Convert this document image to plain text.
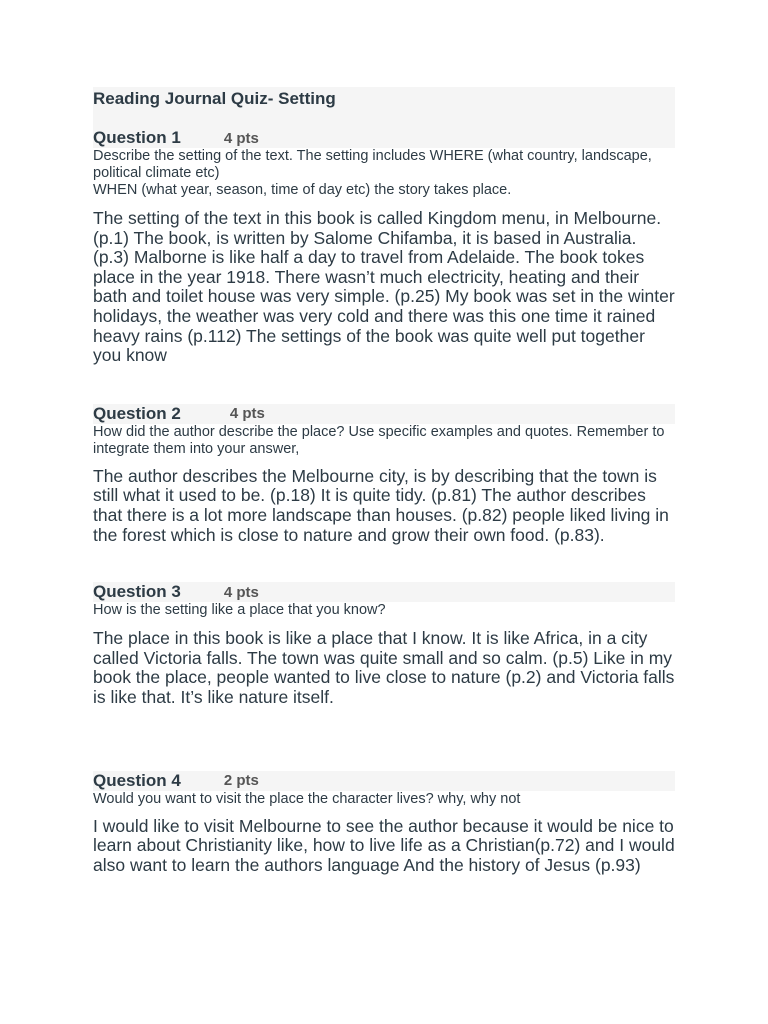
Reading Journal Quiz- Setting
Question 1	4 pts
Describe the setting of the text. The setting includes WHERE (what country, landscape, political climate etc)
WHEN (what year, season, time of day etc) the story takes place.

The setting of the text in this book is called Kingdom menu, in Melbourne. (p.1) The book, is written by Salome Chifamba, it is based in Australia. (p.3) Malborne is like half a day to travel from Adelaide. The book tokes place in the year 1918. There wasn’t much electricity, heating and their bath and toilet house was very simple. (p.25) My book was set in the winter holidays, the weather was very cold and there was this one time it rained heavy rains (p.112) The settings of the book was quite well put together you know

Question 2	4 pts

How did the author describe the place? Use specific examples and quotes. Remember to integrate them into your answer,

The author describes the Melbourne city, is by describing that the town is still what it used to be. (p.18) It is quite tidy. (p.81) The author describes that there is a lot more landscape than houses. (p.82) people liked living in the forest which is close to nature and grow their own food. (p.83).

Question 3	4 pts

How is the setting like a place that you know?

The place in this book is like a place that I know. It is like Africa, in a city called Victoria falls. The town was quite small and so calm. (p.5) Like in my book the place, people wanted to live close to nature (p.2) and Victoria falls is like that. It’s like nature itself.

Question 4	2 pts

Would you want to visit the place the character lives? why, why not

I would like to visit Melbourne to see the author because it would be nice to learn about Christianity like, how to live life as a Christian(p.72) and I would also want to learn the authors language And the history of Jesus (p.93)
